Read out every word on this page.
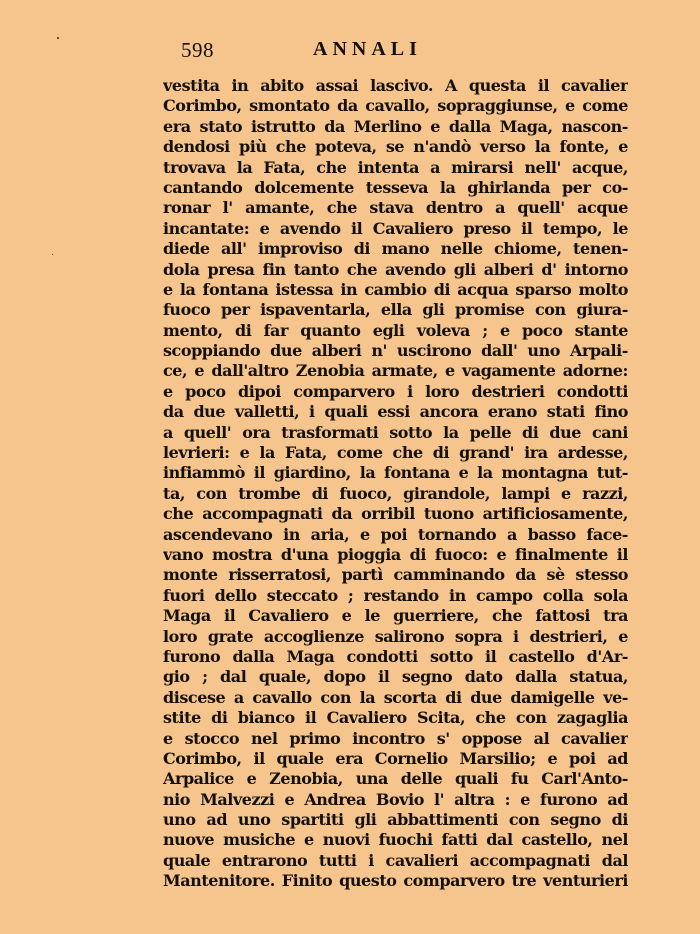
598	ANNALI
vestita in abito assai lascivo. A questa il cavalier
Corimbo, smontato da cavallo, sopraggiunse, e come
era stato istrutto da Merlino e dalla Maga, nascon-
dendosi più che poteva, se n'andò verso la fonte, e
trovava la Fata, che intenta a mirarsi nell' acque,
cantando dolcemente tesseva la ghirlanda per co-
ronar l' amante, che stava dentro a quell' acque
incantate: e avendo il Cavaliero preso il tempo, le
diede all' improviso di mano nelle chiome, tenen-
dola presa fin tanto che avendo gli alberi d' intorno
e la fontana istessa in cambio di acqua sparso molto
fuoco per ispaventarla, ella gli promise con giura-
mento, di far quanto egli voleva ; e poco stante
scoppiando due alberi n' uscirono dall' uno Arpali-
ce, e dall'altro Zenobia armate, e vagamente adorne:
e poco dipoi comparvero i loro destrieri condotti
da due valletti, i quali essi ancora erano stati fino
a quell' ora trasformati sotto la pelle di due cani
levrieri: e la Fata, come che di grand' ira ardesse,
infiammò il giardino, la fontana e la montagna tut-
ta, con trombe di fuoco, girandole, lampi e razzi,
che accompagnati da orribil tuono artificiosamente,
ascendevano in aria, e poi tornando a basso face-
vano mostra d'una pioggia di fuoco: e finalmente il
monte risserratosi, partì camminando da sè stesso
fuori dello steccato ; restando in campo colla sola
Maga il Cavaliero e le guerriere, che fattosi tra
loro grate accoglienze salirono sopra i destrieri, e
furono dalla Maga condotti sotto il castello d'Ar-
gio ; dal quale, dopo il segno dato dalla statua,
discese a cavallo con la scorta di due damigelle ve-
stite di bianco il Cavaliero Scita, che con zagaglia
e stocco nel primo incontro s' oppose al cavalier
Corimbo, il quale era Cornelio Marsilio; e poi ad
Arpalice e Zenobia, una delle quali fu Carl'Anto-
nio Malvezzi e Andrea Bovio l' altra : e furono ad
uno ad uno spartiti gli abbattimenti con segno di
nuove musiche e nuovi fuochi fatti dal castello, nel
quale entrarono tutti i cavalieri accompagnati dal
Mantenitore. Finito questo comparvero tre venturieri
